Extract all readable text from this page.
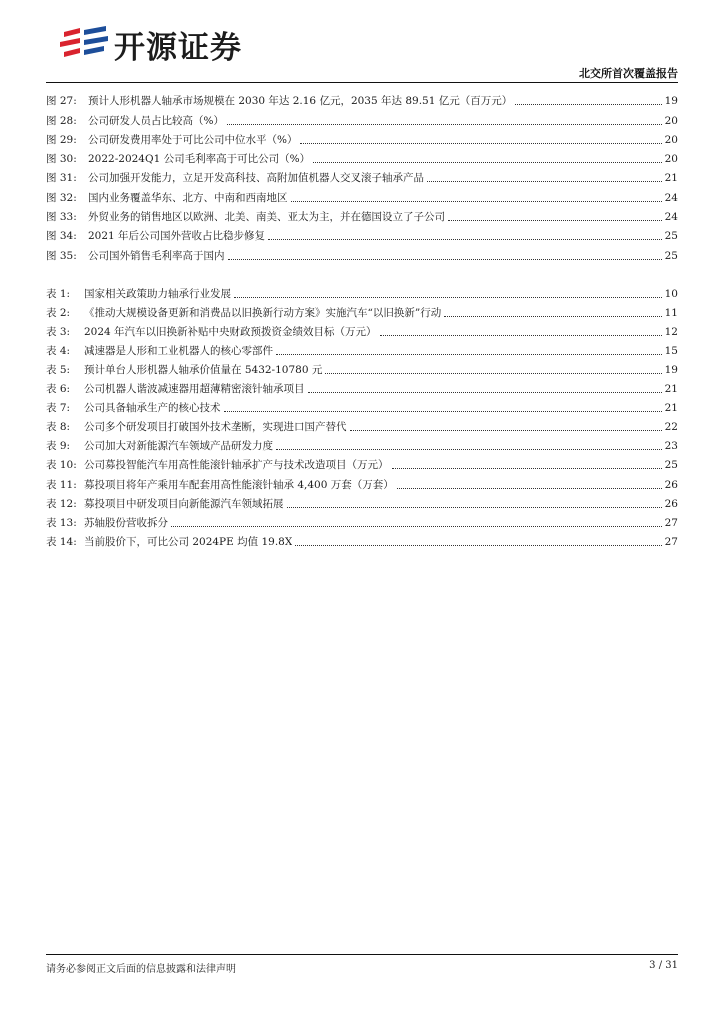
开源证券
北交所首次覆盖报告
图 27:	预计人形机器人轴承市场规模在 2030 年达 2.16 亿元，2035 年达 89.51 亿元（百万元）	19
图 28:	公司研发人员占比较高（%）	20
图 29:	公司研发费用率处于可比公司中位水平（%）	20
图 30:	2022-2024Q1 公司毛利率高于可比公司（%）	20
图 31:	公司加强开发能力，立足开发高科技、高附加值机器人交叉滚子轴承产品	21
图 32:	国内业务覆盖华东、北方、中南和西南地区	24
图 33:	外贸业务的销售地区以欧洲、北美、南美、亚太为主，并在德国设立了子公司	24
图 34:	2021 年后公司国外营收占比稳步修复	25
图 35:	公司国外销售毛利率高于国内	25
表 1:	国家相关政策助力轴承行业发展	10
表 2:	《推动大规模设备更新和消费品以旧换新行动方案》实施汽车“以旧换新”行动	11
表 3:	2024 年汽车以旧换新补贴中央财政预拨资金绩效目标（万元）	12
表 4:	减速器是人形和工业机器人的核心零部件	15
表 5:	预计单台人形机器人轴承价值量在 5432-10780 元	19
表 6:	公司机器人谐波减速器用超薄精密滚针轴承项目	21
表 7:	公司具备轴承生产的核心技术	21
表 8:	公司多个研发项目打破国外技术垄断，实现进口国产替代	22
表 9:	公司加大对新能源汽车领域产品研发力度	23
表 10: 公司募投智能汽车用高性能滚针轴承扩产与技术改造项目（万元）	25
表 11: 募投项目将年产乘用车配套用高性能滚针轴承 4,400 万套（万套）	26
表 12: 募投项目中研发项目向新能源汽车领域拓展	26
表 13: 苏轴股份营收拆分	27
表 14: 当前股价下，可比公司 2024PE 均值 19.8X	27
请务必参阅正文后面的信息披露和法律声明	3 / 31
